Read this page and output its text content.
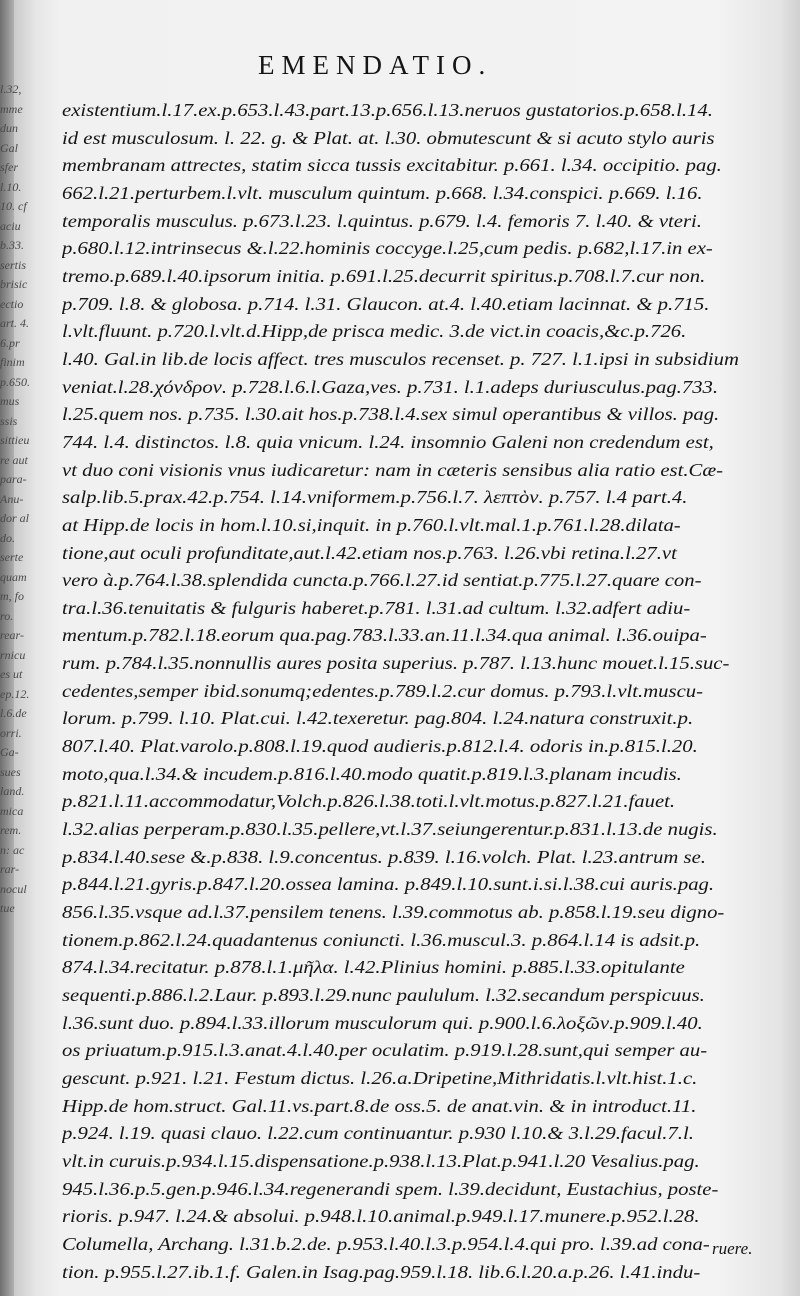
l.32,
mme
dun
Gal
sfer
l.10.
10. cf
aciu
b.33.
sertis
brisic
ectio
art. 4.
6.pr
finim
p.650.
mus
ssis
sittieu
re aut
para-
Anu-
dor al
do.
serte
quam
m, fo
ro.
rear-
rnicu
es ut
ep.12.
l.6.de
orri.
Ga-
sues
land.
mica
rem.
n: ac
rar-
nocul
tue
EMENDATIO.
existentium.l.17.ex.p.653.l.43.part.13.p.656.l.13.neruos gustatorios.p.658.l.14.
id est musculosum. l. 22. g. & Plat. at. l.30. obmutescunt & si acuto stylo auris
membranam attrectes, statim sicca tussis excitabitur. p.661. l.34. occipitio. pag.
662.l.21.perturbem.l.vlt. musculum quintum. p.668. l.34.conspici. p.669. l.16.
temporalis musculus. p.673.l.23. l.quintus. p.679. l.4. femoris 7. l.40. & vteri.
p.680.l.12.intrinsecus &.l.22.hominis coccyge.l.25,cum pedis. p.682,l.17.in ex-
tremo.p.689.l.40.ipsorum initia. p.691.l.25.decurrit spiritus.p.708.l.7.cur non.
p.709. l.8. & globosa. p.714. l.31. Glaucon. at.4. l.40.etiam lacinnat. & p.715.
l.vlt.fluunt. p.720.l.vlt.d.Hipp,de prisca medic. 3.de vict.in coacis,&c.p.726.
l.40. Gal.in lib.de locis affect. tres musculos recenset. p. 727. l.1.ipsi in subsidium
veniat.l.28.χόνδρον. p.728.l.6.l.Gaza,ves. p.731. l.1.adeps duriusculus.pag.733.
l.25.quem nos. p.735. l.30.ait hos.p.738.l.4.sex simul operantibus & villos. pag.
744. l.4. distinctos. l.8. quia vnicum. l.24. insomnio Galeni non credendum est,
vt duo coni visionis vnus iudicaretur: nam in cæteris sensibus alia ratio est.Cæ-
salp.lib.5.prax.42.p.754. l.14.vniformem.p.756.l.7. λεπτὸν. p.757. l.4 part.4.
at Hipp.de locis in hom.l.10.si,inquit. in p.760.l.vlt.mal.1.p.761.l.28.dilata-
tione,aut oculi profunditate,aut.l.42.etiam nos.p.763. l.26.vbi retina.l.27.vt
vero à.p.764.l.38.splendida cuncta.p.766.l.27.id sentiat.p.775.l.27.quare con-
tra.l.36.tenuitatis & fulguris haberet.p.781. l.31.ad cultum. l.32.adfert adiu-
mentum.p.782.l.18.eorum qua.pag.783.l.33.an.11.l.34.qua animal. l.36.ouipa-
rum. p.784.l.35.nonnullis aures posita superius. p.787. l.13.hunc mouet.l.15.suc-
cedentes,semper ibid.sonumq;edentes.p.789.l.2.cur domus. p.793.l.vlt.muscu-
lorum. p.799. l.10. Plat.cui. l.42.texeretur. pag.804. l.24.natura construxit.p.
807.l.40. Plat.varolo.p.808.l.19.quod audieris.p.812.l.4. odoris in.p.815.l.20.
moto,qua.l.34.& incudem.p.816.l.40.modo quatit.p.819.l.3.planam incudis.
p.821.l.11.accommodatur,Volch.p.826.l.38.toti.l.vlt.motus.p.827.l.21.fauet.
l.32.alias perperam.p.830.l.35.pellere,vt.l.37.seiungerentur.p.831.l.13.de nugis.
p.834.l.40.sese &.p.838. l.9.concentus. p.839. l.16.volch. Plat. l.23.antrum se.
p.844.l.21.gyris.p.847.l.20.ossea lamina. p.849.l.10.sunt.i.si.l.38.cui auris.pag.
856.l.35.vsque ad.l.37.pensilem tenens. l.39.commotus ab. p.858.l.19.seu digno-
tionem.p.862.l.24.quadantenus coniuncti. l.36.muscul.3. p.864.l.14 is adsit.p.
874.l.34.recitatur. p.878.l.1.μῆλα. l.42.Plinius homini. p.885.l.33.opitulante
sequenti.p.886.l.2.Laur. p.893.l.29.nunc paululum. l.32.secandum perspicuus.
l.36.sunt duo. p.894.l.33.illorum musculorum qui. p.900.l.6.λοξῶν.p.909.l.40.
os priuatum.p.915.l.3.anat.4.l.40.per oculatim. p.919.l.28.sunt,qui semper au-
gescunt. p.921. l.21. Festum dictus. l.26.a.Dripetine,Mithridatis.l.vlt.hist.1.c.
Hipp.de hom.struct. Gal.11.vs.part.8.de oss.5. de anat.vin. & in introduct.11.
p.924. l.19. quasi clauo. l.22.cum continuantur. p.930 l.10.& 3.l.29.facul.7.l.
vlt.in curuis.p.934.l.15.dispensatione.p.938.l.13.Plat.p.941.l.20 Vesalius.pag.
945.l.36.p.5.gen.p.946.l.34.regenerandi spem. l.39.decidunt, Eustachius, poste-
rioris. p.947. l.24.& absolui. p.948.l.10.animal.p.949.l.17.munere.p.952.l.28.
Columella, Archang. l.31.b.2.de. p.953.l.40.l.3.p.954.l.4.qui pro. l.39.ad cona-
tion. p.955.l.27.ib.1.f. Galen.in Isag.pag.959.l.18. lib.6.l.20.a.p.26. l.41.indu-
ruere.
